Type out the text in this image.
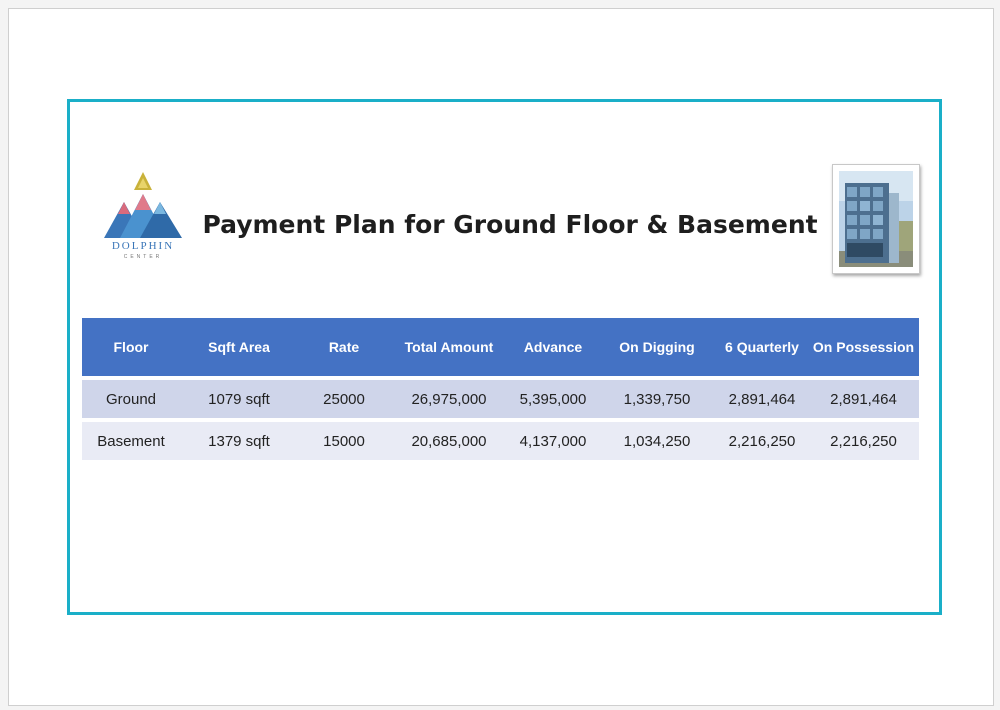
DOLPHIN
CENTER
Payment Plan for Ground Floor & Basement
Floor	Sqft Area	Rate	Total Amount	Advance	On Digging	6 Quarterly	On Possession

Ground	1079 sqft	25000	26,975,000	5,395,000	1,339,750	2,891,464	2,891,464

Basement	1379 sqft	15000	20,685,000	4,137,000	1,034,250	2,216,250	2,216,250
